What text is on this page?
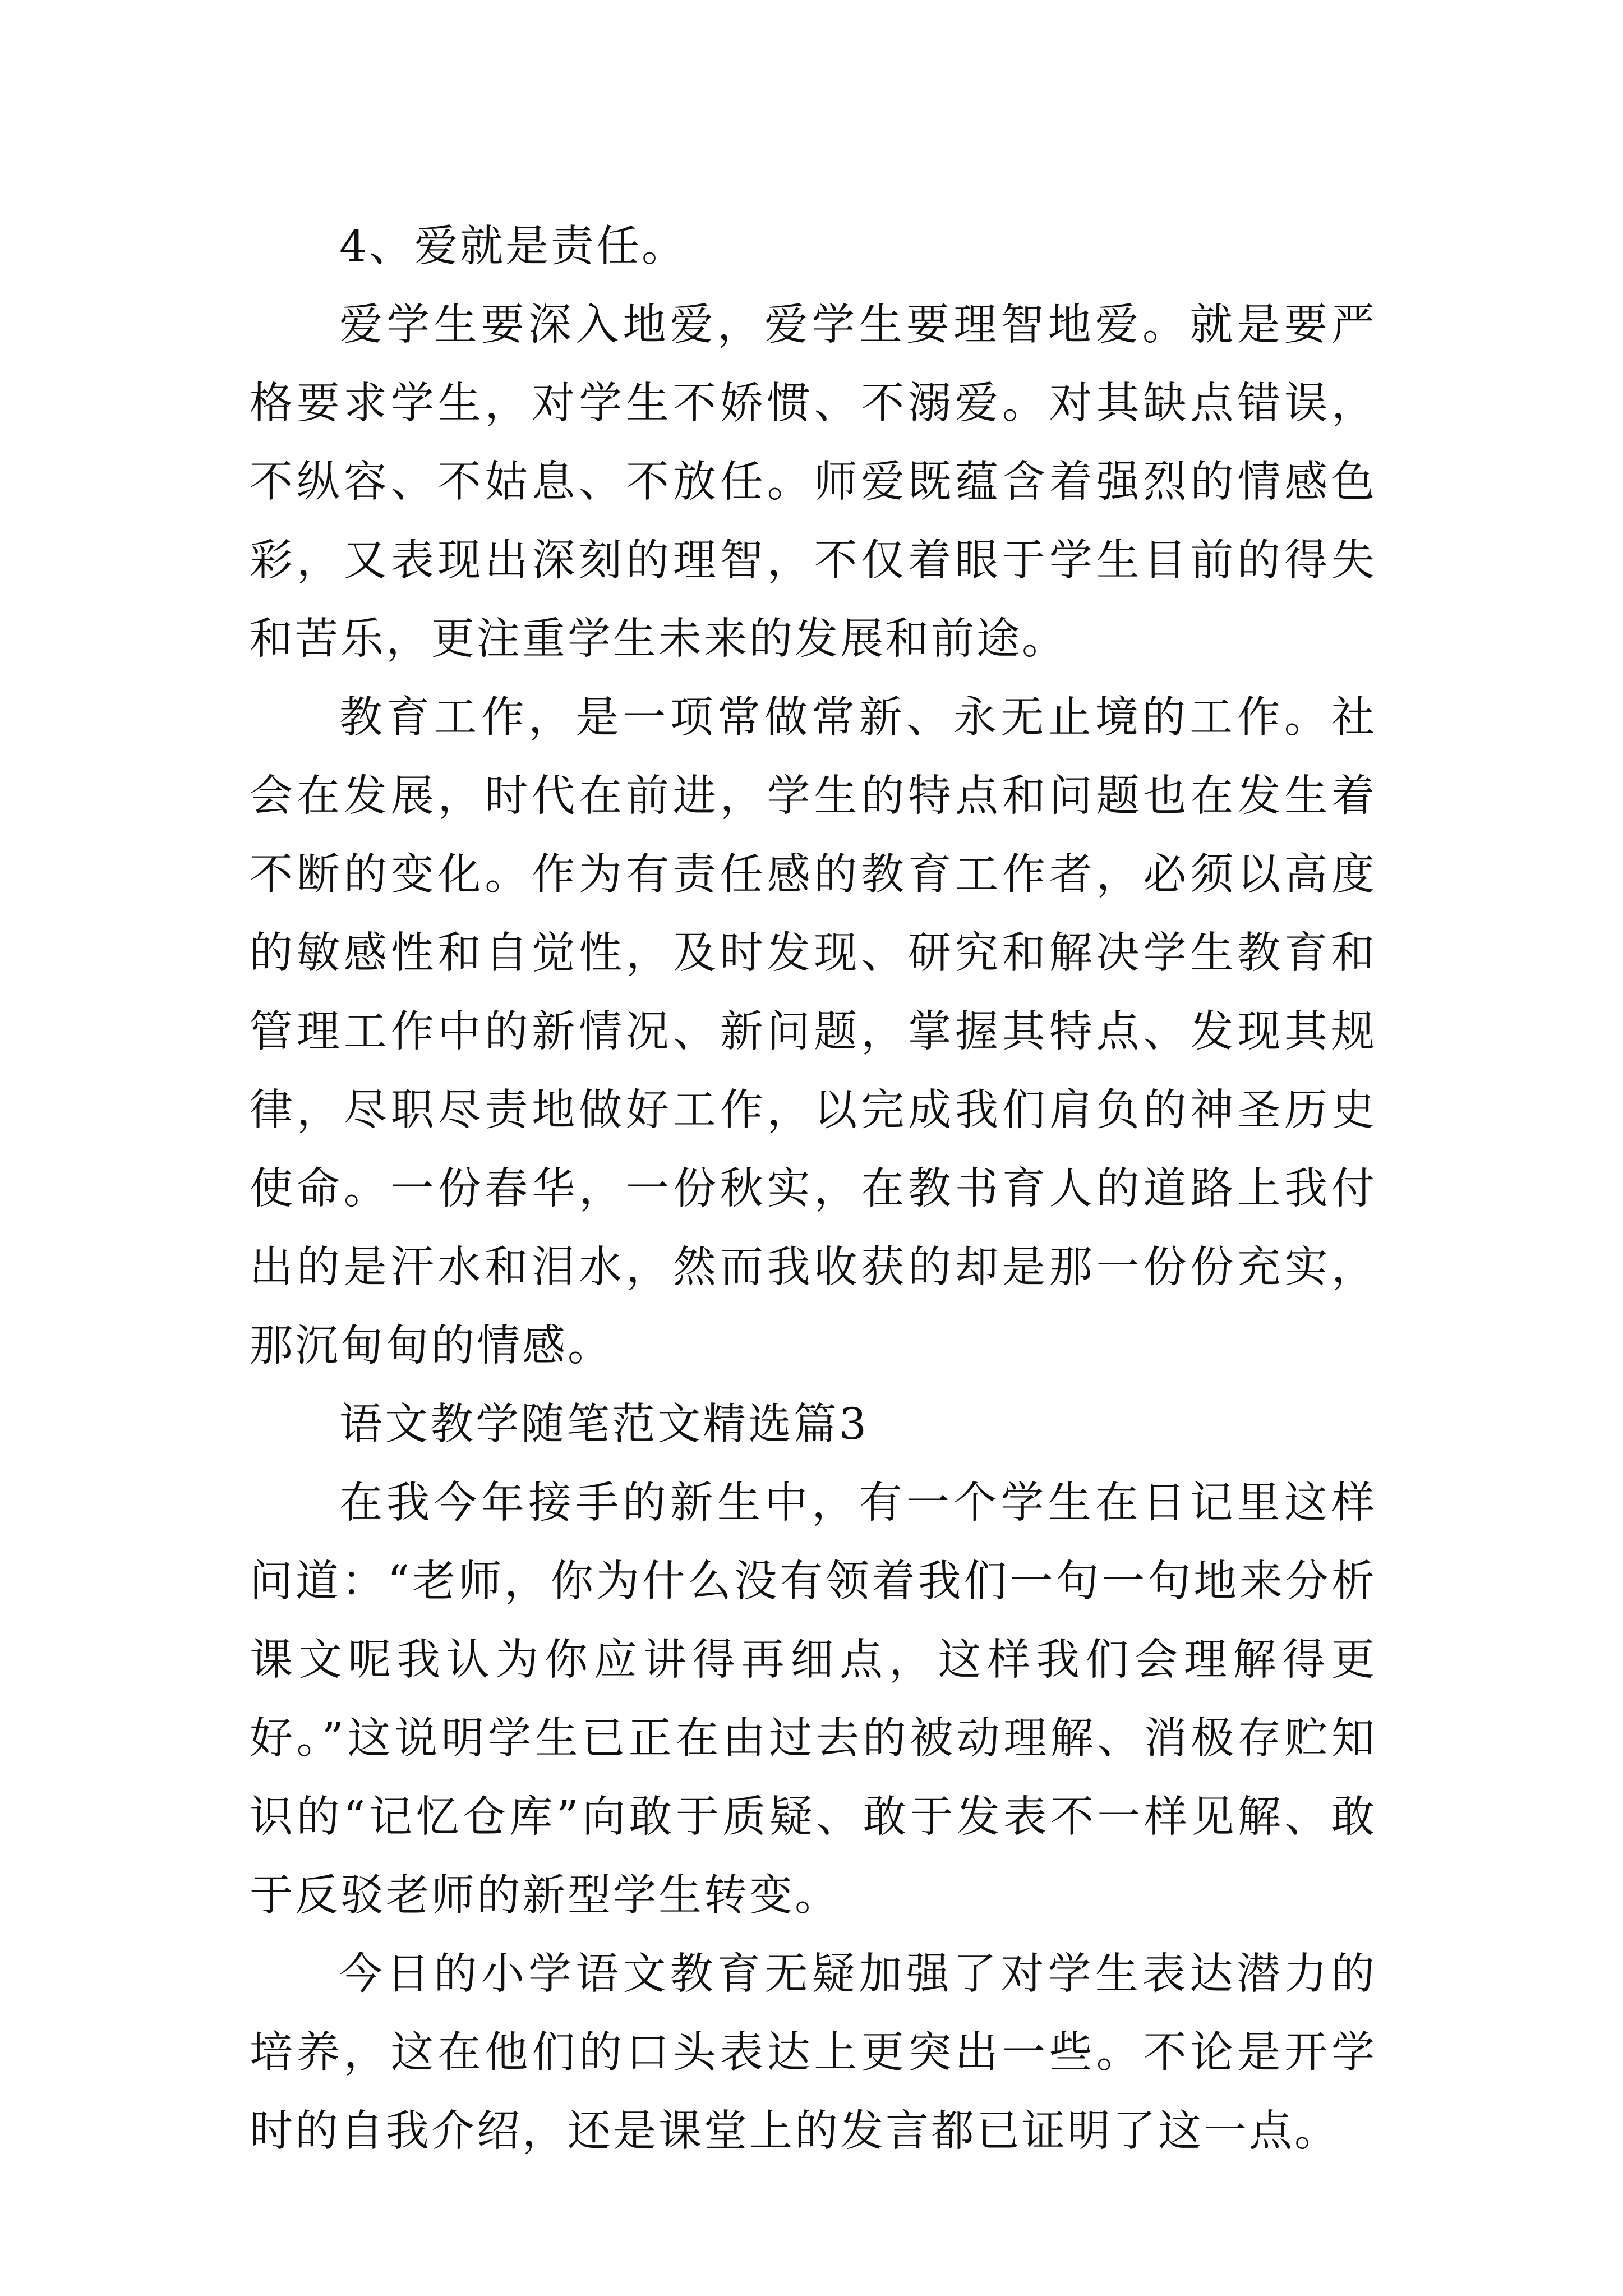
4、爱就是责任。

爱学生要深入地爱，爱学生要理智地爱。就是要严格要求学生，对学生不娇惯、不溺爱。对其缺点错误，不纵容、不姑息、不放任。师爱既蕴含着强烈的情感色彩，又表现出深刻的理智，不仅着眼于学生目前的得失和苦乐，更注重学生未来的发展和前途。

教育工作，是一项常做常新、永无止境的工作。社会在发展，时代在前进，学生的特点和问题也在发生着不断的变化。作为有责任感的教育工作者，必须以高度的敏感性和自觉性，及时发现、研究和解决学生教育和管理工作中的新情况、新问题，掌握其特点、发现其规律，尽职尽责地做好工作，以完成我们肩负的神圣历史使命。一份春华，一份秋实，在教书育人的道路上我付出的是汗水和泪水，然而我收获的却是那一份份充实，那沉甸甸的情感。

语文教学随笔范文精选篇3

在我今年接手的新生中，有一个学生在日记里这样问道：“老师，你为什么没有领着我们一句一句地来分析课文呢我认为你应讲得再细点，这样我们会理解得更好。”这说明学生已正在由过去的被动理解、消极存贮知识的“记忆仓库”向敢于质疑、敢于发表不一样见解、敢于反驳老师的新型学生转变。

今日的小学语文教育无疑加强了对学生表达潜力的培养，这在他们的口头表达上更突出一些。不论是开学时的自我介绍，还是课堂上的发言都已证明了这一点。
